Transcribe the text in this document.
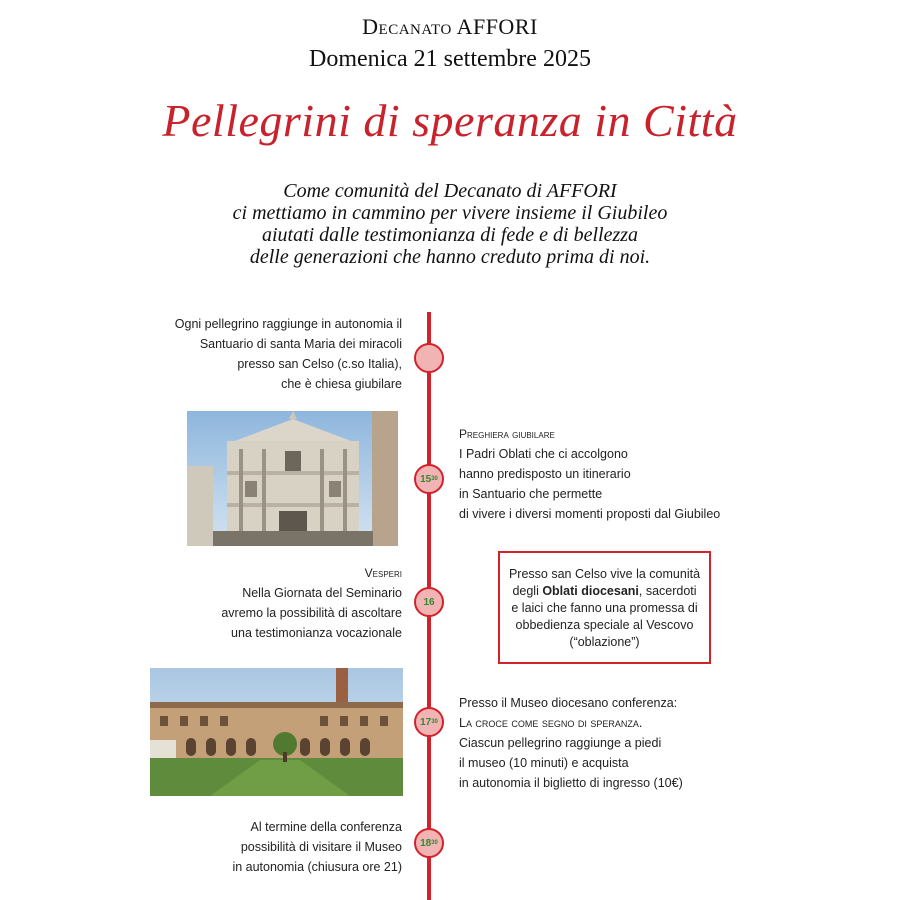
Decanato AFFORI
Domenica 21 settembre 2025
Pellegrini di speranza in Città
Come comunità del Decanato di AFFORI
ci mettiamo in cammino per vivere insieme il Giubileo
aiutati dalle testimonianza di fede e di bellezza
delle generazioni che hanno creduto prima di noi.
Ogni pellegrino raggiunge in autonomia il
Santuario di santa Maria dei miracoli
presso san Celso (c.so Italia),
che è chiesa giubilare
15 30
Preghiera giubilare
I Padri Oblati che ci accolgono
hanno predisposto un itinerario
in Santuario che permette
di vivere i diversi momenti proposti dal Giubileo
Vesperi
Nella Giornata del Seminario
avremo la possibilità di ascoltare
una testimonianza vocazionale
16
Presso san Celso vive la comunità
degli Oblati diocesani, sacerdoti
e laici che fanno una promessa di
obbedienza speciale al Vescovo
(“oblazione”)
17 30
Presso il Museo diocesano conferenza:
La croce come segno di speranza.
Ciascun pellegrino raggiunge a piedi
il museo (10 minuti) e acquista
in autonomia il biglietto di ingresso (10€)
Al termine della conferenza
possibilità di visitare il Museo
in autonomia (chiusura ore 21)
18 30
